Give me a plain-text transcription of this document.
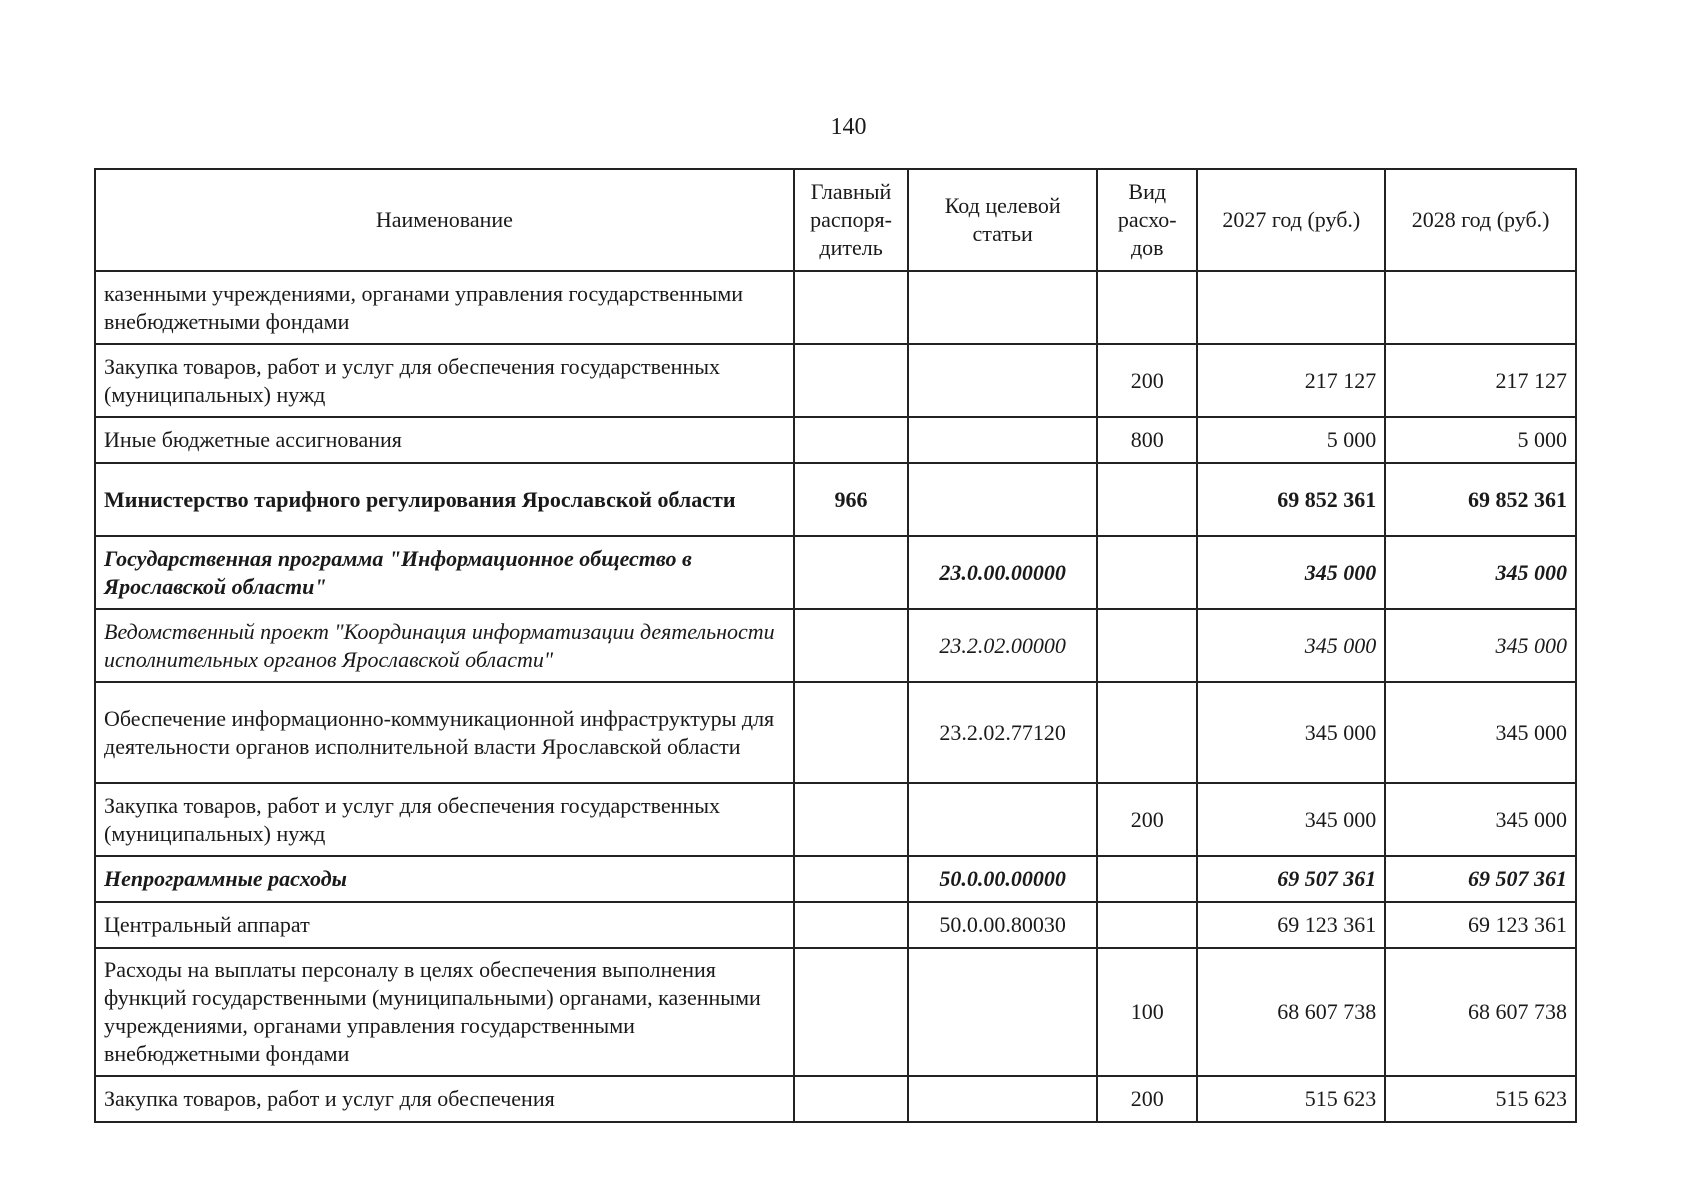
140
Наименование	Главный распоря-дитель	Код целевой статьи	Вид расхо-дов	2027 год (руб.)	2028 год (руб.)
казенными учреждениями, органами управления государственными внебюджетными фондами					
Закупка товаров, работ и услуг для обеспечения государственных (муниципальных) нужд			200	217 127	217 127
Иные бюджетные ассигнования			800	5 000	5 000
Министерство тарифного регулирования Ярославской области	966			69 852 361	69 852 361
Государственная программа "Информационное общество в Ярославской области"		23.0.00.00000		345 000	345 000
Ведомственный проект "Координация информатизации деятельности исполнительных органов Ярославской области"		23.2.02.00000		345 000	345 000
Обеспечение информационно-коммуникационной инфраструктуры для деятельности органов исполнительной власти Ярославской области		23.2.02.77120		345 000	345 000
Закупка товаров, работ и услуг для обеспечения государственных (муниципальных) нужд			200	345 000	345 000
Непрограммные расходы		50.0.00.00000		69 507 361	69 507 361
Центральный аппарат		50.0.00.80030		69 123 361	69 123 361
Расходы на выплаты персоналу в целях обеспечения выполнения функций государственными (муниципальными) органами, казенными учреждениями, органами управления государственными внебюджетными фондами			100	68 607 738	68 607 738
Закупка товаров, работ и услуг для обеспечения			200	515 623	515 623
